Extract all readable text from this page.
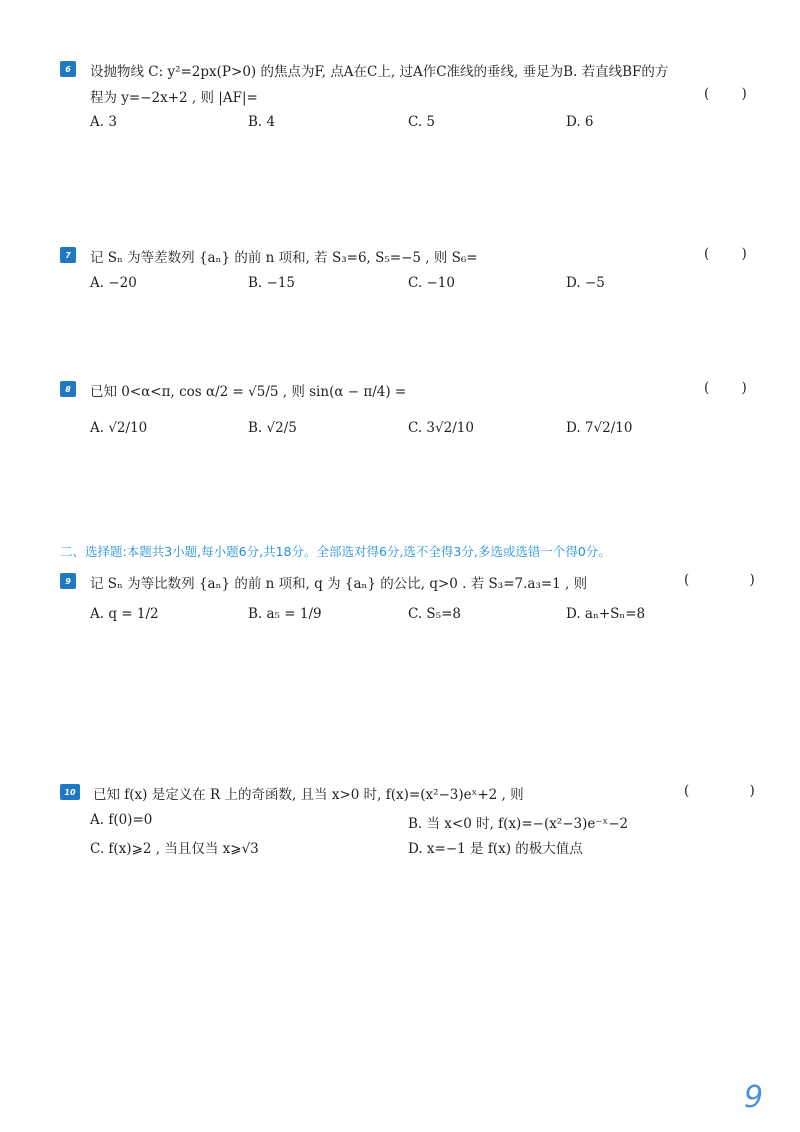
6	设抛物线 C: y²=2px(P>0) 的焦点为F, 点A在C上, 过A作C准线的垂线, 垂足为B. 若直线BF的方
程为 y=−2x+2 , 则 |AF|=	( )
A. 3	B. 4	C. 5	D. 6
7	记 Sₙ 为等差数列 {aₙ} 的前 n 项和, 若 S₃=6, S₅=−5 , 则 S₆=	( )
A. −20	B. −15	C. −10	D. −5
8	已知 0<α<π, cos α/2 = √5/5 , 则 sin(α − π/4) =	( )
A. √2/10	B. √2/5	C. 3√2/10	D. 7√2/10
二、选择题:本题共3小题,每小题6分,共18分。全部选对得6分,选不全得3分,多选或选错一个得0分。
9	记 Sₙ 为等比数列 {aₙ} 的前 n 项和, q 为 {aₙ} 的公比, q>0 . 若 S₃=7.a₃=1 , 则	( )
A. q = 1/2	B. a₅ = 1/9	C. S₅=8	D. aₙ+Sₙ=8
10	已知 f(x) 是定义在 R 上的奇函数, 且当 x>0 时, f(x)=(x²−3)eˣ+2 , 则	( )
A. f(0)=0	B. 当 x<0 时, f(x)=−(x²−3)e⁻ˣ−2
C. f(x)⩾2 , 当且仅当 x⩾√3	D. x=−1 是 f(x) 的极大值点
9
